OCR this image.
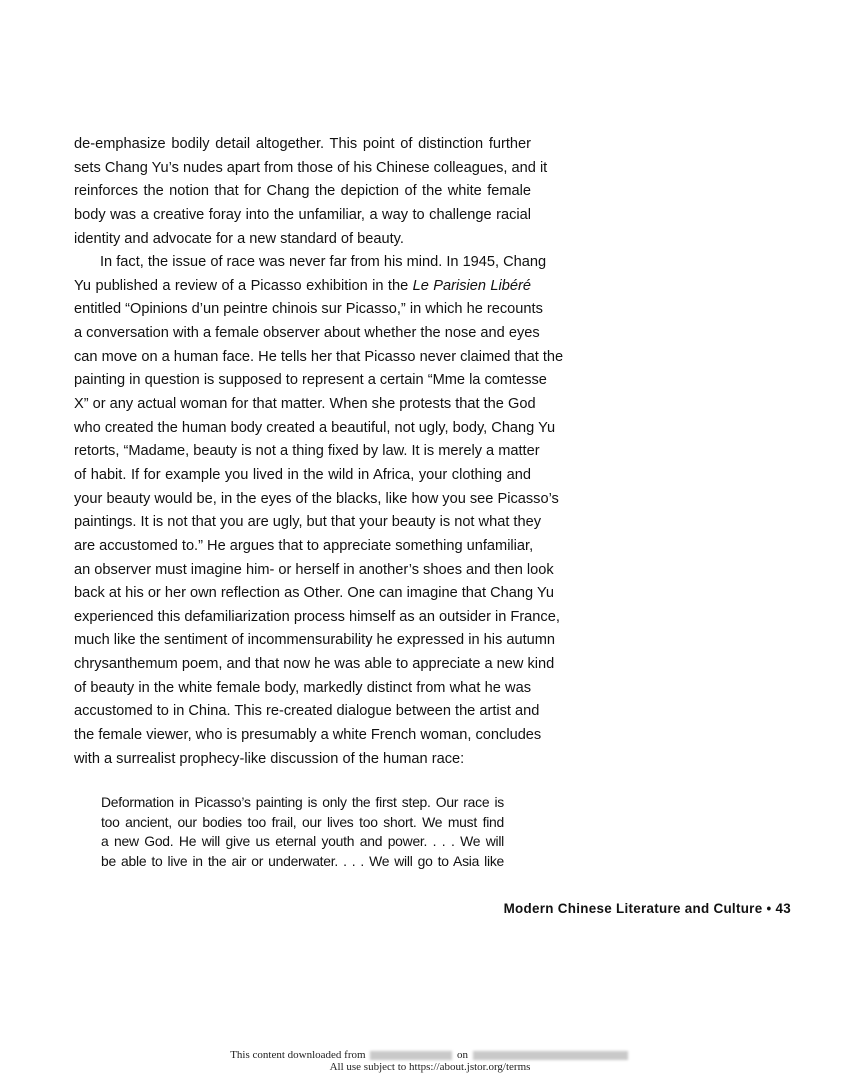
de-emphasize bodily detail altogether. This point of distinction further
sets Chang Yu’s nudes apart from those of his Chinese colleagues, and it
reinforces the notion that for Chang the depiction of the white female
body was a creative foray into the unfamiliar, a way to challenge racial
identity and advocate for a new standard of beauty.
In fact, the issue of race was never far from his mind. In 1945, Chang
Yu published a review of a Picasso exhibition in the Le Parisien Libéré
entitled “Opinions d’un peintre chinois sur Picasso,” in which he recounts
a conversation with a female observer about whether the nose and eyes
can move on a human face. He tells her that Picasso never claimed that the
painting in question is supposed to represent a certain “Mme la comtesse
X” or any actual woman for that matter. When she protests that the God
who created the human body created a beautiful, not ugly, body, Chang Yu
retorts, “Madame, beauty is not a thing fixed by law. It is merely a matter
of habit. If for example you lived in the wild in Africa, your clothing and
your beauty would be, in the eyes of the blacks, like how you see Picasso’s
paintings. It is not that you are ugly, but that your beauty is not what they
are accustomed to.” He argues that to appreciate something unfamiliar,
an observer must imagine him- or herself in another’s shoes and then look
back at his or her own reflection as Other. One can imagine that Chang Yu
experienced this defamiliarization process himself as an outsider in France,
much like the sentiment of incommensurability he expressed in his autumn
chrysanthemum poem, and that now he was able to appreciate a new kind
of beauty in the white female body, markedly distinct from what he was
accustomed to in China. This re-created dialogue between the artist and
the female viewer, who is presumably a white French woman, concludes
with a surrealist prophecy-like discussion of the human race:
Deformation in Picasso’s painting is only the first step. Our race is
too ancient, our bodies too frail, our lives too short. We must find
a new God. He will give us eternal youth and power. . . . We will
be able to live in the air or underwater. . . . We will go to Asia like
Modern Chinese Literature and Culture • 43
This content downloaded from	on
All use subject to https://about.jstor.org/terms
